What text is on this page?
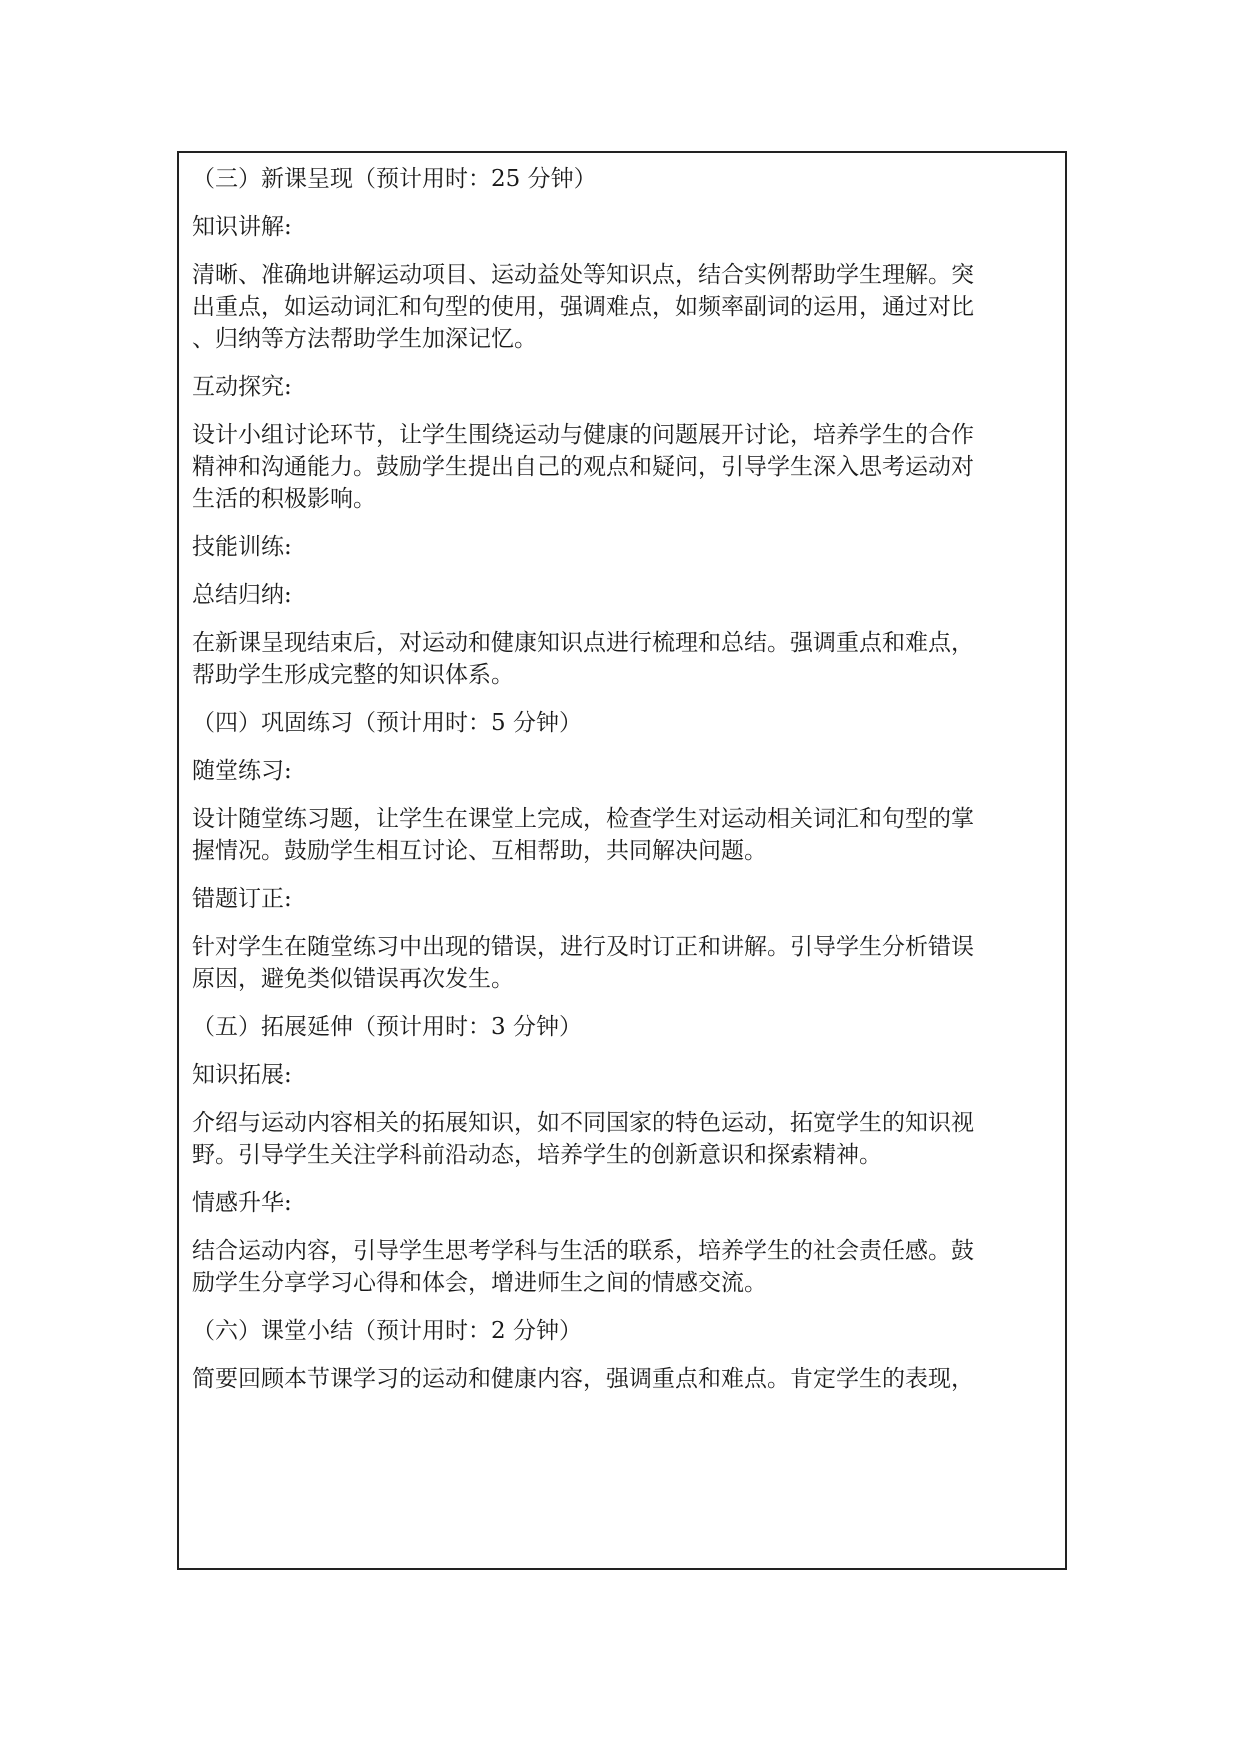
（三）新课呈现（预计用时：25 分钟）

知识讲解:

清晰、准确地讲解运动项目、运动益处等知识点，结合实例帮助学生理解。突

出重点，如运动词汇和句型的使用，强调难点，如频率副词的运用，通过对比

、归纳等方法帮助学生加深记忆。

互动探究:

设计小组讨论环节，让学生围绕运动与健康的问题展开讨论，培养学生的合作

精神和沟通能力。鼓励学生提出自己的观点和疑问，引导学生深入思考运动对

生活的积极影响。

技能训练:

总结归纳:

在新课呈现结束后，对运动和健康知识点进行梳理和总结。强调重点和难点，

帮助学生形成完整的知识体系。

（四）巩固练习（预计用时：5 分钟）

随堂练习:

设计随堂练习题，让学生在课堂上完成，检查学生对运动相关词汇和句型的掌

握情况。鼓励学生相互讨论、互相帮助，共同解决问题。

错题订正:

针对学生在随堂练习中出现的错误，进行及时订正和讲解。引导学生分析错误

原因，避免类似错误再次发生。

（五）拓展延伸（预计用时：3 分钟）

知识拓展:

介绍与运动内容相关的拓展知识，如不同国家的特色运动，拓宽学生的知识视

野。引导学生关注学科前沿动态，培养学生的创新意识和探索精神。

情感升华:

结合运动内容，引导学生思考学科与生活的联系，培养学生的社会责任感。鼓

励学生分享学习心得和体会，增进师生之间的情感交流。

（六）课堂小结（预计用时：2 分钟）

简要回顾本节课学习的运动和健康内容，强调重点和难点。肯定学生的表现，
